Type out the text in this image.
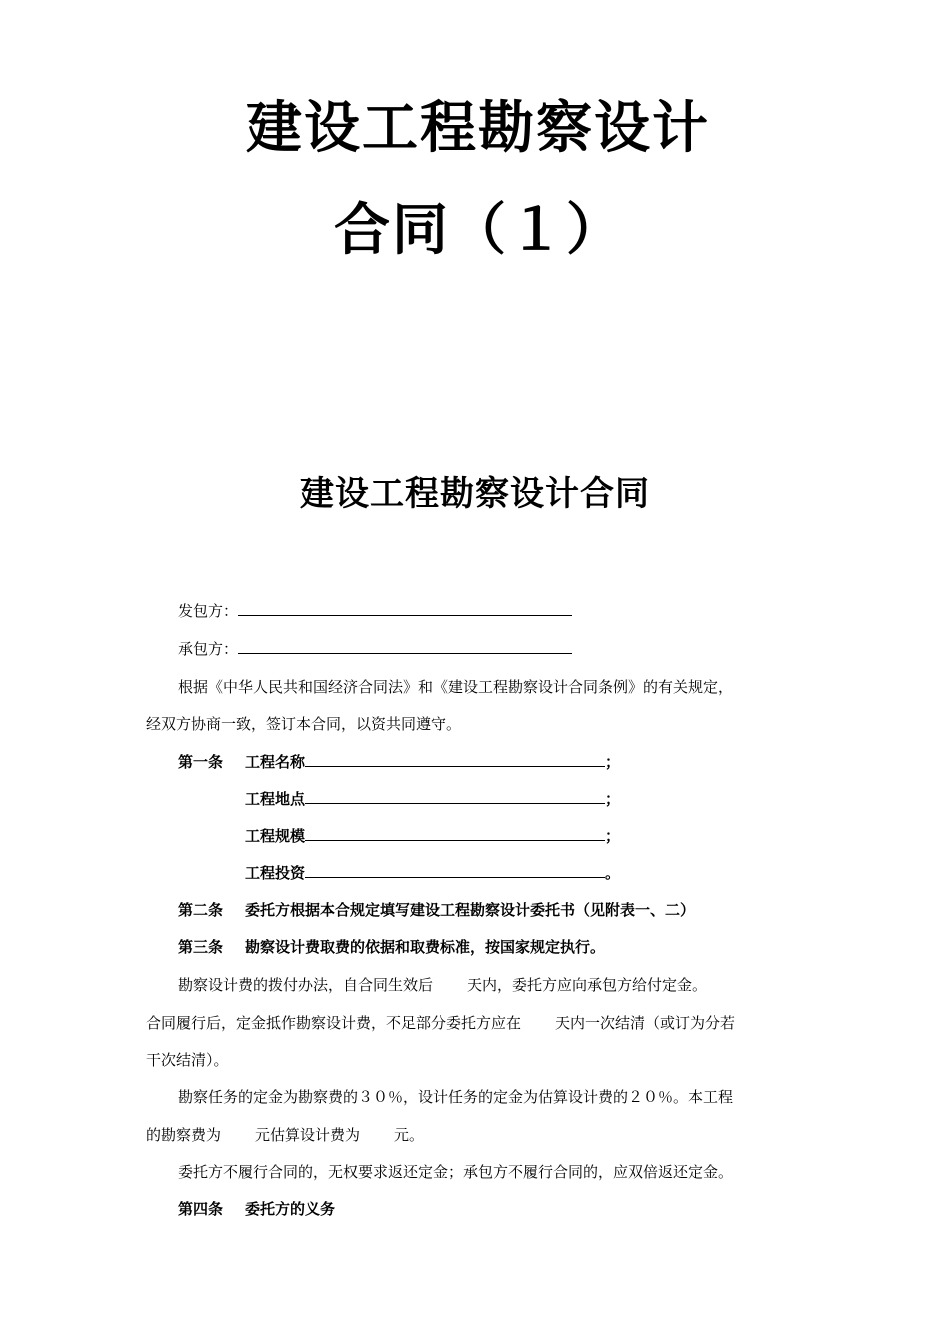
建设工程勘察设计
合同（１）
建设工程勘察设计合同
发包方：
承包方：
根据《中华人民共和国经济合同法》和《建设工程勘察设计合同条例》的有关规定，
经双方协商一致，签订本合同，以资共同遵守。
第一条 工程名称	；
工程地点	；
工程规模	；
工程投资	。
第二条 委托方根据本合规定填写建设工程勘察设计委托书（见附表一、二）
第三条 勘察设计费取费的依据和取费标准，按国家规定执行。
勘察设计费的拨付办法，自合同生效后 天内，委托方应向承包方给付定金。
合同履行后，定金抵作勘察设计费，不足部分委托方应在 天内一次结清（或订为分若
干次结清）。
勘察任务的定金为勘察费的３０％，设计任务的定金为估算设计费的２０％。本工程
的勘察费为 元估算设计费为 元。
委托方不履行合同的，无权要求返还定金；承包方不履行合同的，应双倍返还定金。
第四条 委托方的义务
